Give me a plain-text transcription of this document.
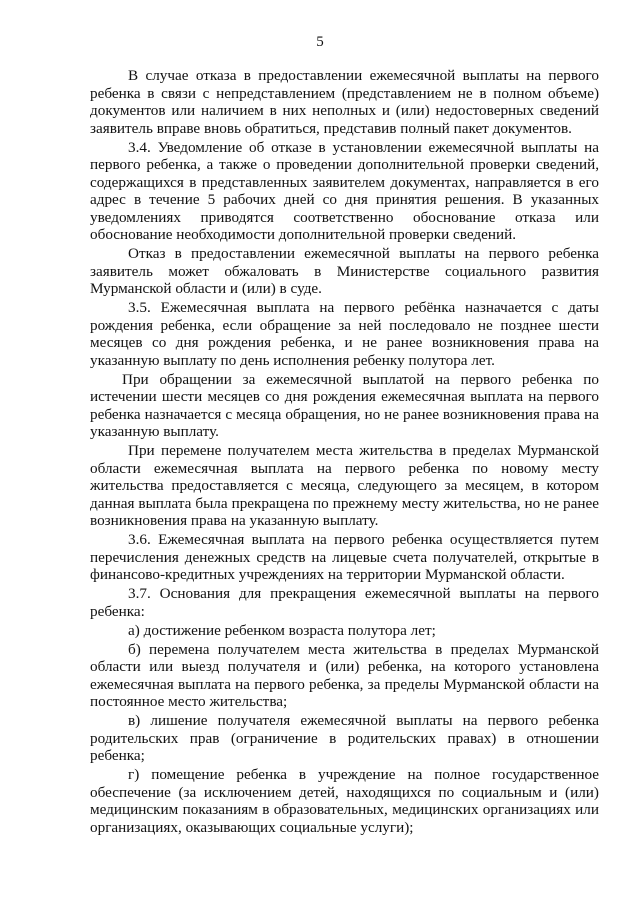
5

В случае отказа в предоставлении ежемесячной выплаты на первого ребенка в связи с непредставлением (представлением не в полном объеме) документов или наличием в них неполных и (или) недостоверных сведений заявитель вправе вновь обратиться, представив полный пакет документов.

3.4. Уведомление об отказе в установлении ежемесячной выплаты на первого ребенка, а также о проведении дополнительной проверки сведений, содержащихся в представленных заявителем документах, направляется в его адрес в течение 5 рабочих дней со дня принятия решения. В указанных уведомлениях приводятся соответственно обоснование отказа или обоснование необходимости дополнительной проверки сведений.

Отказ в предоставлении ежемесячной выплаты на первого ребенка заявитель может обжаловать в Министерстве социального развития Мурманской области и (или) в суде.

3.5. Ежемесячная выплата на первого ребёнка назначается с даты рождения ребенка, если обращение за ней последовало не позднее шести месяцев со дня рождения ребенка, и не ранее возникновения права на указанную выплату по день исполнения ребенку полутора лет.

При обращении за ежемесячной выплатой на первого ребенка по истечении шести месяцев со дня рождения ежемесячная выплата на первого ребенка назначается с месяца обращения, но не ранее возникновения права на указанную выплату.

При перемене получателем места жительства в пределах Мурманской области ежемесячная выплата на первого ребенка по новому месту жительства предоставляется с месяца, следующего за месяцем, в котором данная выплата была прекращена по прежнему месту жительства, но не ранее возникновения права на указанную выплату.

3.6. Ежемесячная выплата на первого ребенка осуществляется путем перечисления денежных средств на лицевые счета получателей, открытые в финансово-кредитных учреждениях на территории Мурманской области.

3.7. Основания для прекращения ежемесячной выплаты на первого ребенка:

а) достижение ребенком возраста полутора лет;

б) перемена получателем места жительства в пределах Мурманской области или выезд получателя и (или) ребенка, на которого установлена ежемесячная выплата на первого ребенка, за пределы Мурманской области на постоянное место жительства;

в) лишение получателя ежемесячной выплаты на первого ребенка родительских прав (ограничение в родительских правах) в отношении ребенка;

г) помещение ребенка в учреждение на полное государственное обеспечение (за исключением детей, находящихся по социальным и (или) медицинским показаниям в образовательных, медицинских организациях или организациях, оказывающих социальные услуги);
